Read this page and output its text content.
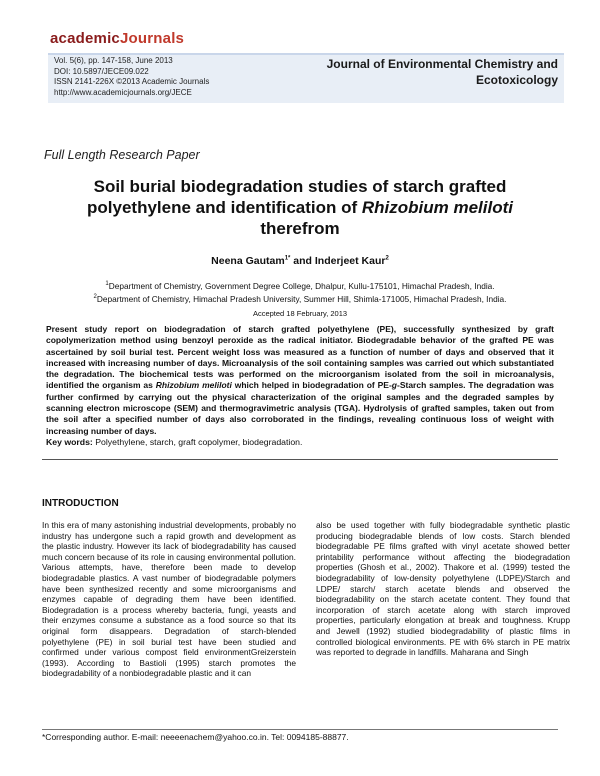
academicJournals
Vol. 5(6), pp. 147-158, June 2013
DOI: 10.5897/JECE09.022
ISSN 2141-226X ©2013 Academic Journals
http://www.academicjournals.org/JECE
Journal of Environmental Chemistry and
Ecotoxicology
Full Length Research Paper
Soil burial biodegradation studies of starch grafted
polyethylene and identification of Rhizobium meliloti
therefrom
Neena Gautam$^{1*}$ and Inderjeet Kaur$^2$
$^1$Department of Chemistry, Government Degree College, Dhalpur, Kullu-175101, Himachal Pradesh, India.
$^2$Department of Chemistry, Himachal Pradesh University, Summer Hill, Shimla-171005, Himachal Pradesh, India.
Accepted 18 February, 2013
Present study report on biodegradation of starch grafted polyethylene (PE), successfully synthesized by graft copolymerization method using benzoyl peroxide as the radical initiator. Biodegradable behavior of the grafted PE was ascertained by soil burial test. Percent weight loss was measured as a function of number of days and observed that it increased with increasing number of days. Microanalysis of the soil containing samples was carried out which substantiated the degradation. The biochemical tests was performed on the microorganism isolated from the soil in microanalysis, identified the organism as Rhizobium meliloti which helped in biodegradation of PE-g-Starch samples. The degradation was further confirmed by carrying out the physical characterization of the original samples and the degraded samples by scanning electron microscope (SEM) and thermogravimetric analysis (TGA). Hydrolysis of grafted samples, taken out from the soil after a specified number of days also corroborated in the findings, revealing continuous loss of weight with increasing number of days.
Key words: Polyethylene, starch, graft copolymer, biodegradation.
INTRODUCTION
In this era of many astonishing industrial developments, probably no industry has undergone such a rapid growth and development as the plastic industry. However its lack of biodegradability has caused much concern because of its role in causing environmental pollution. Various attempts, have, therefore been made to develop biodegradable plastics. A vast number of biodegradable polymers have been synthesized recently and some microorganisms and enzymes capable of degrading them have been identified. Biodegradation is a process whereby bacteria, fungi, yeasts and their enzymes consume a substance as a food source so that its original form disappears. Degradation of starch-blended polyethylene (PE) in soil burial test have been studied and confirmed under various compost field environmentGreizerstein (1993). According to Bastioli (1995) starch promotes the biodegradability of a nonbiodegradable plastic and it can
also be used together with fully biodegradable synthetic plastic producing biodegradable blends of low costs. Starch blended biodegradable PE films grafted with vinyl acetate showed better printability performance without affecting the biodegradation properties (Ghosh et al., 2002). Thakore et al. (1999) tested the biodegradability of low-density polyethylene (LDPE)/Starch and LDPE/ starch/ starch acetate blends and observed the biodegradability on the starch acetate content. They found that incorporation of starch acetate along with starch improved properties, particularly elongation at break and toughness. Krupp and Jewell (1992) studied biodegradability of plastic films in controlled biological environments. PE with 6% starch in PE matrix was reported to degrade in landfills. Maharana and Singh
*Corresponding author. E-mail: neeeenachem@yahoo.co.in. Tel: 0094185-88877.
